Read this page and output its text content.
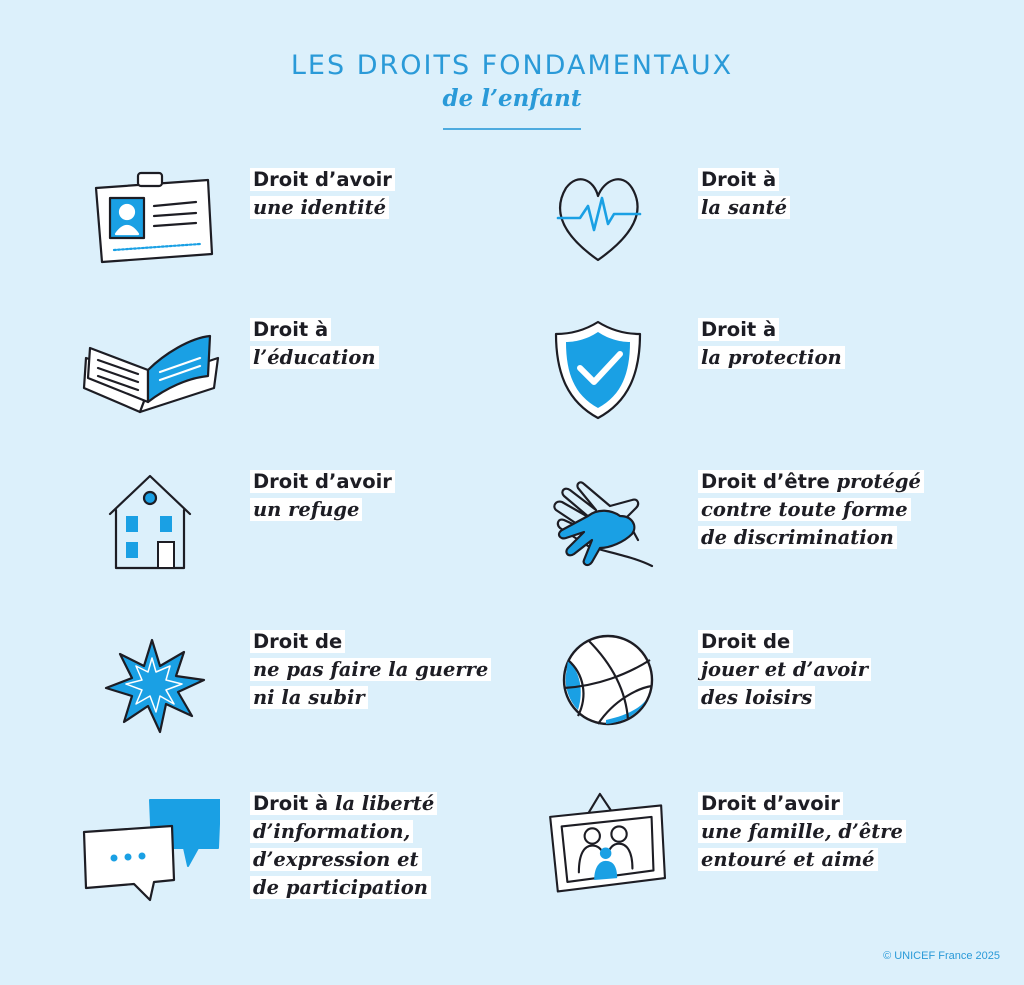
LES DROITS FONDAMENTAUX
de l’enfant
Droit d’avoir
une identité
Droit à
la santé
Droit à
l’éducation
Droit à
la protection
Droit d’avoir
un refuge
Droit d’être protégé
contre toute forme
de discrimination
Droit de
ne pas faire la guerre
ni la subir
Droit de
jouer et d’avoir
des loisirs
Droit à la liberté
d’information,
d’expression et
de participation
Droit d’avoir
une famille, d’être
entouré et aimé
© UNICEF France 2025
